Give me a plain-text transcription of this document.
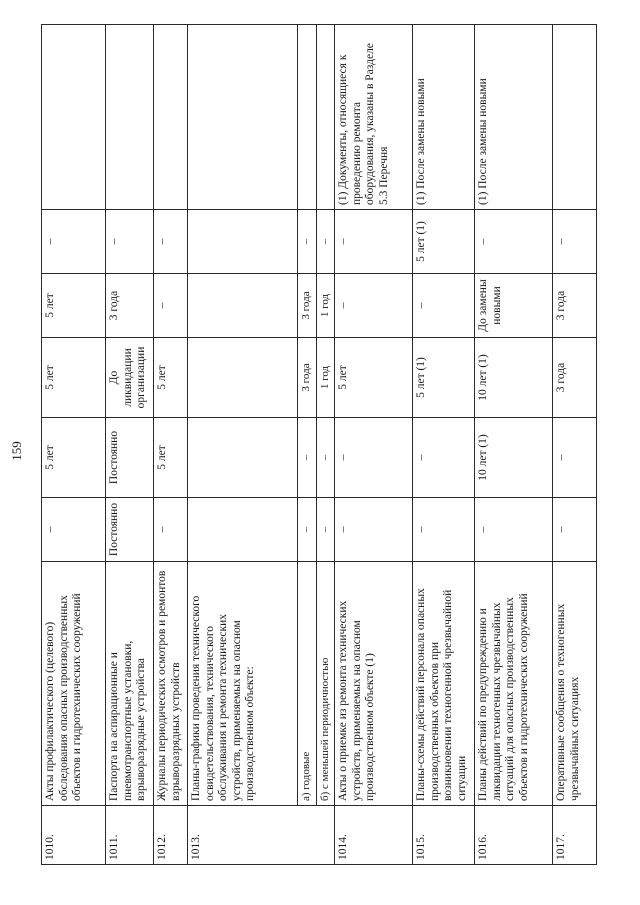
159
1010.	Акты профилактического (целевого) обследования опасных производственных объектов и гидротехнических сооружений	–	5 лет	5 лет	5 лет	–	
1011.	Паспорта на аспирационные и пневмотранспортные установки, взрыворазрядные устройства	Постоянно	Постоянно	До ликвидации организации	3 года	–	
1012.	Журналы периодических осмотров и ремонтов взрыворазрядных устройств	–	5 лет	5 лет	–	–	
1013.	Планы-графики проведения технического освидетельствования, технического обслуживания и ремонта технических устройств, применяемых на опасном производственном объекте:						
	а) годовые	–	–	3 года	3 года	–	
	б) с меньшей периодичностью	–	–	1 год	1 год	–	
1014.	Акты о приемке из ремонта технических устройств, применяемых на опасном производственном объекте (1)	–	–	5 лет	–	–	(1) Документы, относящиеся к проведению ремонта оборудования, указаны в Разделе 5.3 Перечня
1015.	Планы-схемы действий персонала опасных производственных объектов при возникновении техногенной чрезвычайной ситуации	–	–	5 лет (1)	–	5 лет (1)	(1) После замены новыми
1016.	Планы действий по предупреждению и ликвидации техногенных чрезвычайных ситуаций для опасных производственных объектов и гидротехнических сооружений	–	10 лет (1)	10 лет (1)	До замены новыми	–	(1) После замены новыми
1017.	Оперативные сообщения о техногенных чрезвычайных ситуациях	–	–	3 года	3 года	–	
